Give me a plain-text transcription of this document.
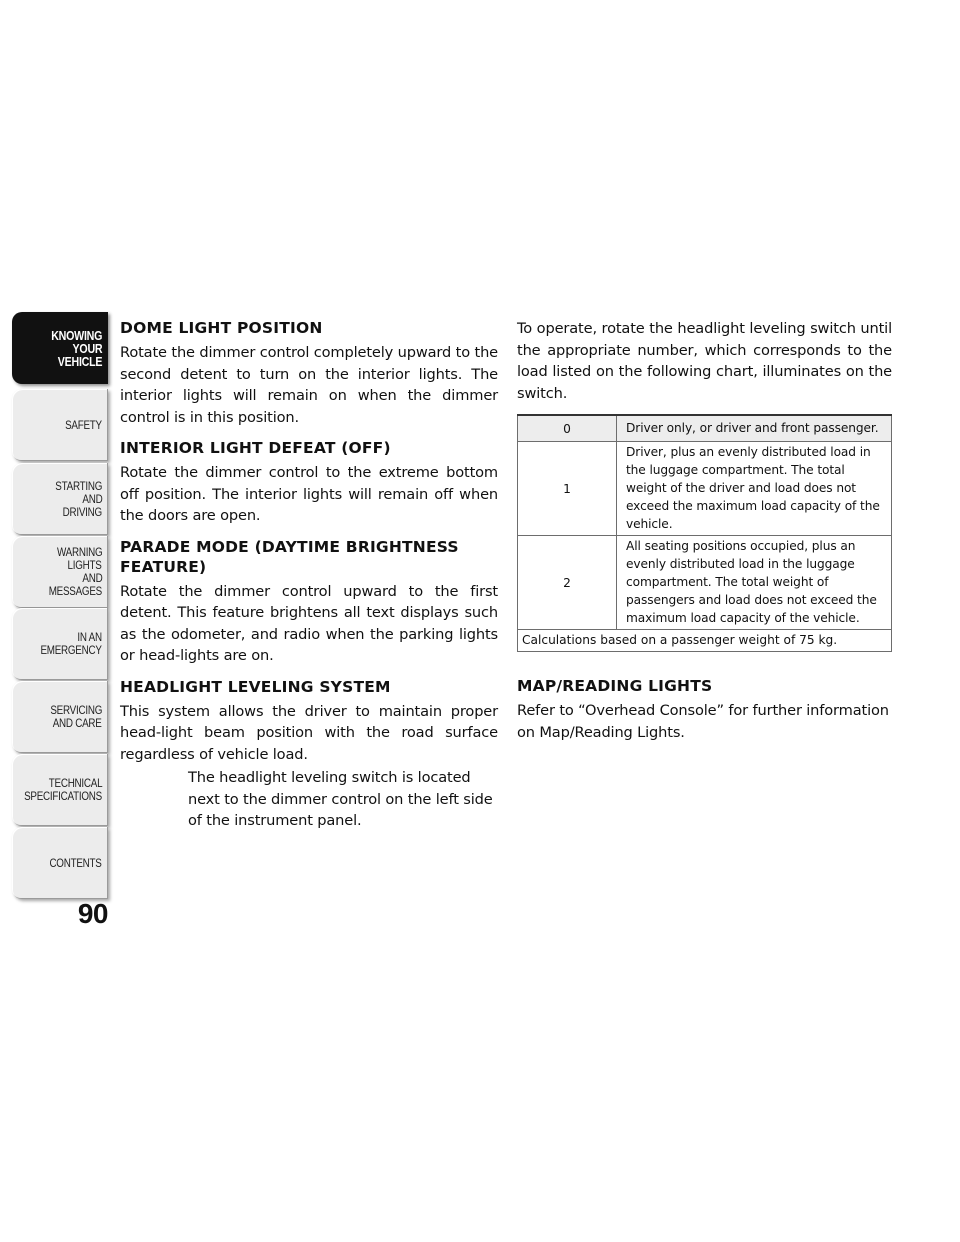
KNOWING
YOUR
VEHICLE
SAFETY
STARTING
AND
DRIVING
WARNING
LIGHTS
AND
MESSAGES
IN AN
EMERGENCY
SERVICING
AND CARE
TECHNICAL
SPECIFICATIONS
CONTENTS
90
DOME LIGHT POSITION

Rotate the dimmer control completely upward to the second detent to turn on the interior lights. The interior lights will remain on when the dimmer control is in this position.

INTERIOR LIGHT DEFEAT (OFF)

Rotate the dimmer control to the extreme bottom off position. The interior lights will remain off when the doors are open.

PARADE MODE (DAYTIME BRIGHTNESS FEATURE)

Rotate the dimmer control upward to the first detent. This feature brightens all text displays such as the odometer, and radio when the parking lights or head-lights are on.

HEADLIGHT LEVELING SYSTEM

This system allows the driver to maintain proper head-light beam position with the road surface regardless of vehicle load.

The headlight leveling switch is located next to the dimmer control on the left side of the instrument panel.

To operate, rotate the headlight leveling switch until the appropriate number, which corresponds to the load listed on the following chart, illuminates on the switch.

0	Driver only, or driver and front passenger.
1	Driver, plus an evenly distributed load in the luggage compartment. The total weight of the driver and load does not exceed the maximum load capacity of the vehicle.
2	All seating positions occupied, plus an evenly distributed load in the luggage compartment. The total weight of passengers and load does not exceed the maximum load capacity of the vehicle.
Calculations based on a passenger weight of 75 kg.	
MAP/READING LIGHTS

Refer to “Overhead Console” for further information on Map/Reading Lights.
